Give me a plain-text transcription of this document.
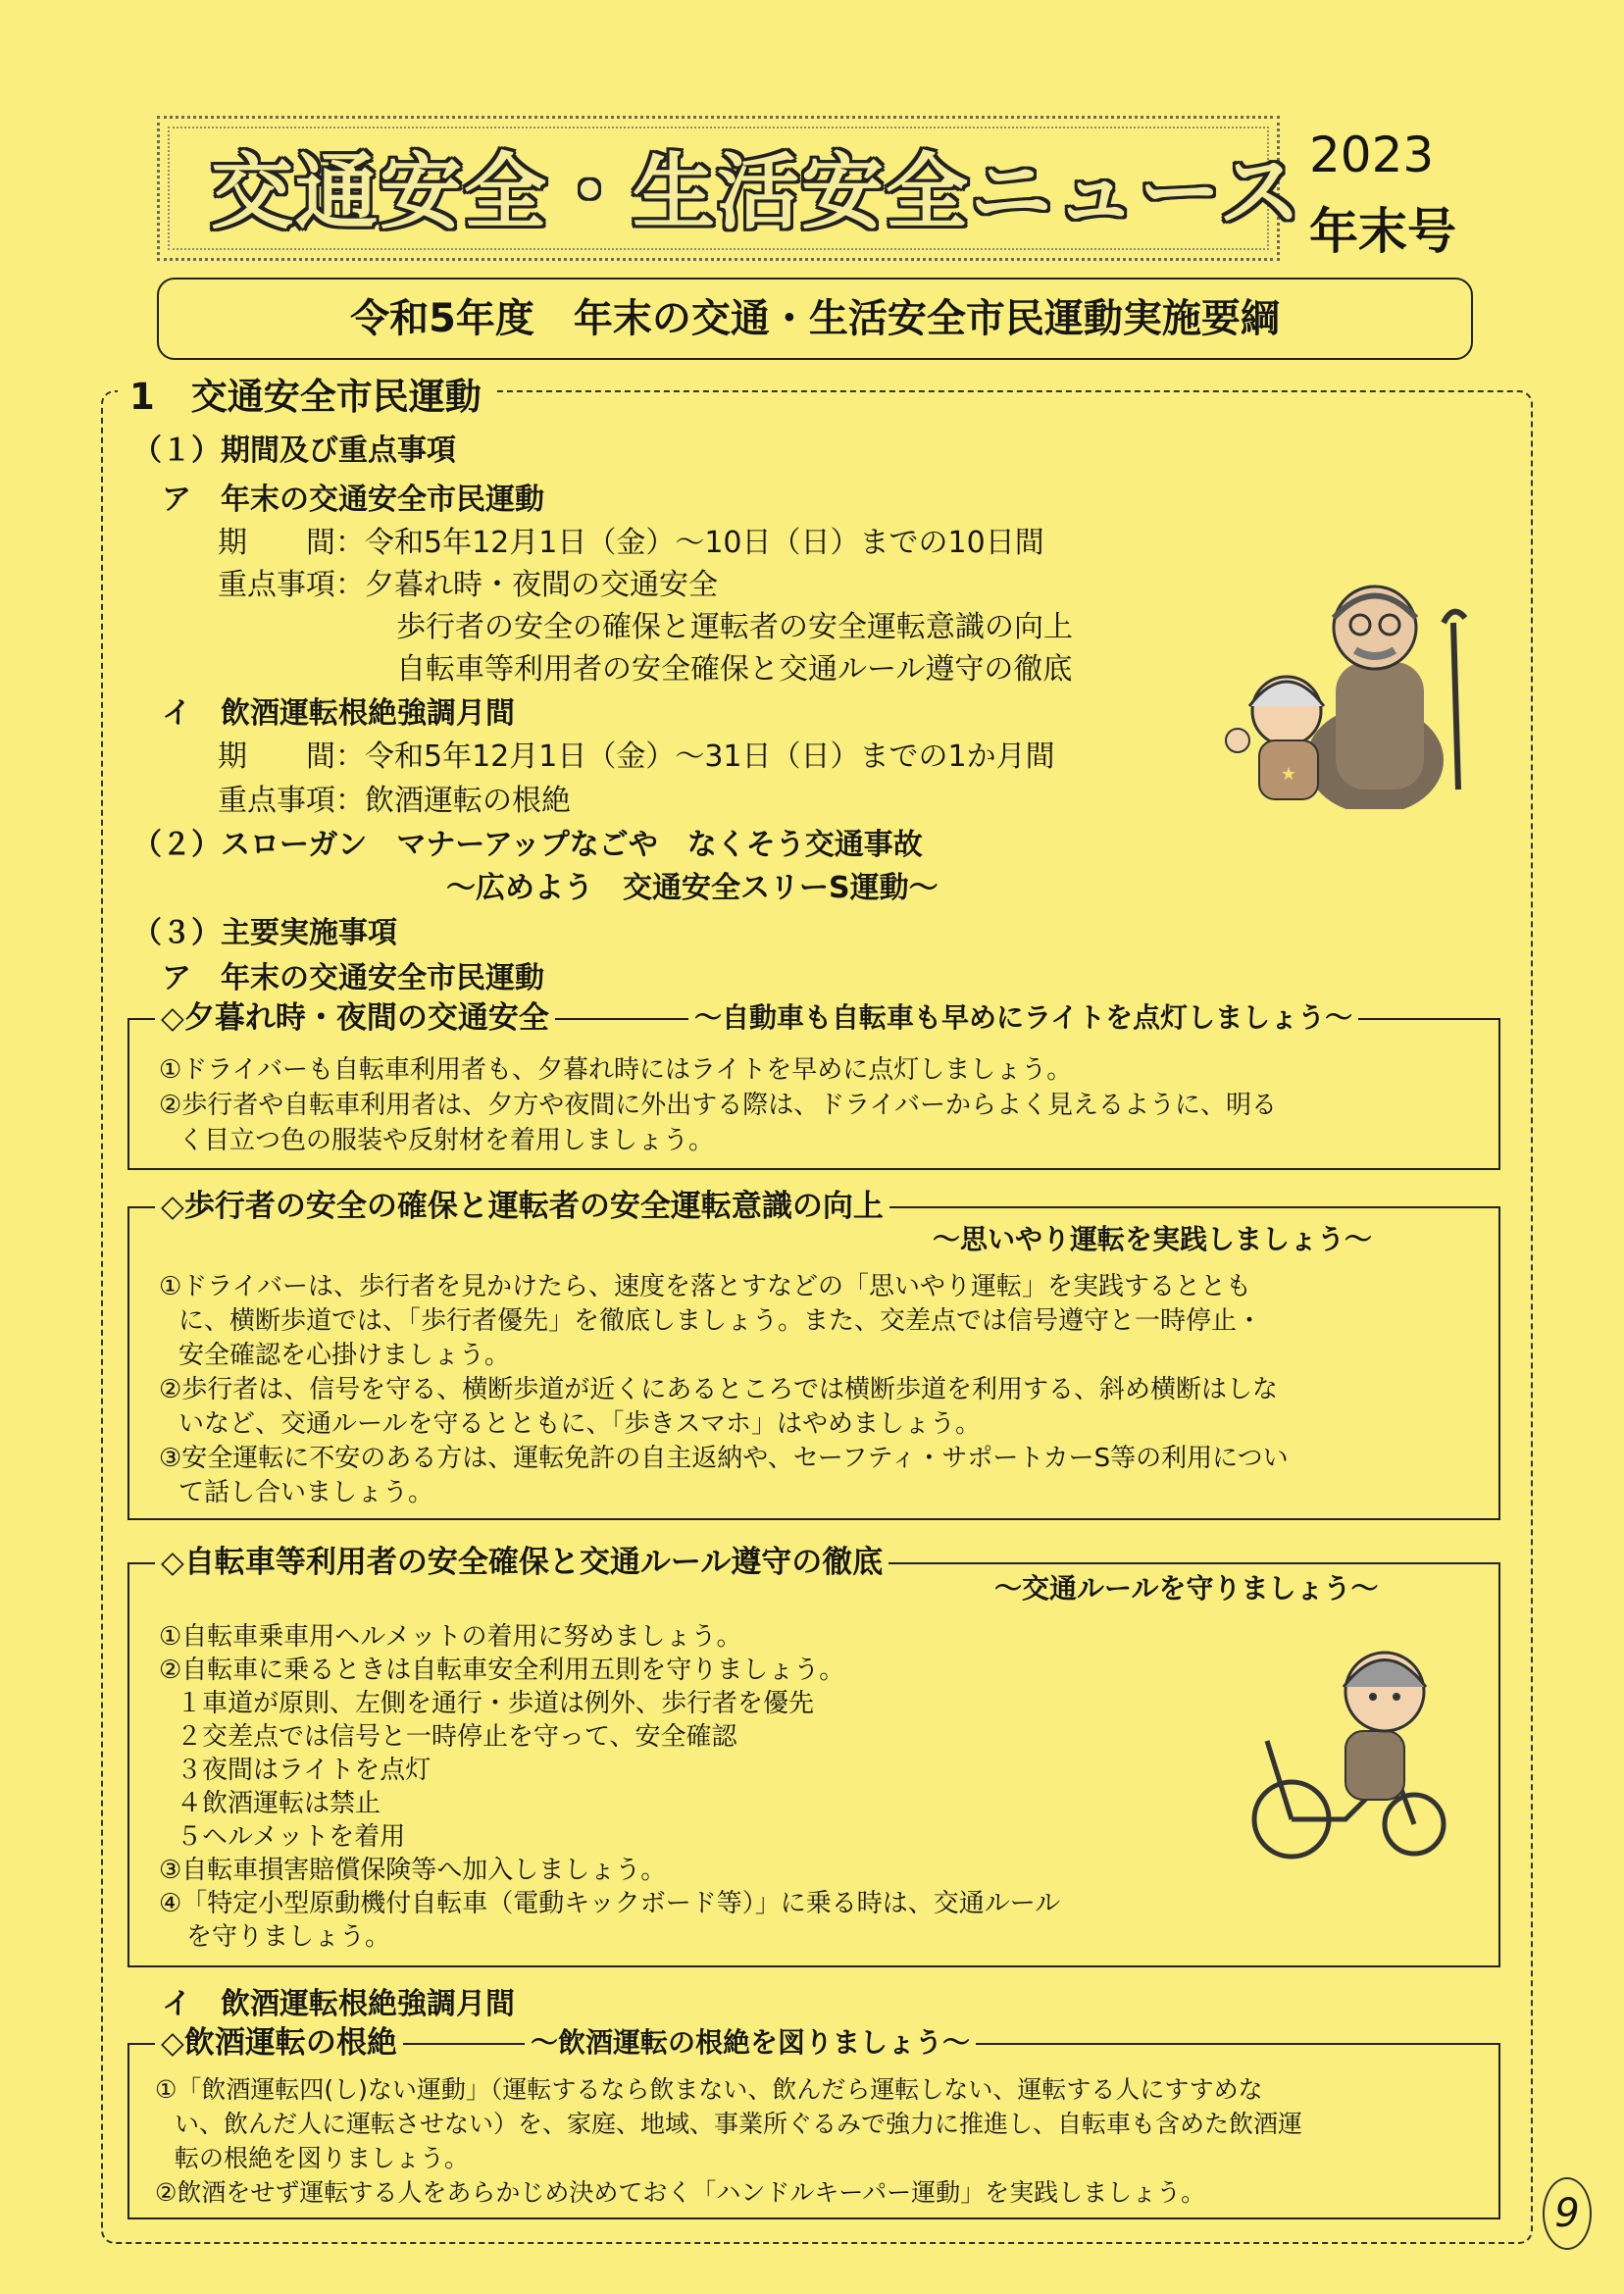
交通安全・生活安全ニュース 2023
年末号
令和5年度　年末の交通・生活安全市民運動実施要綱
1　交通安全市民運動
（１）期間及び重点事項
ア　年末の交通安全市民運動
期　　間：令和5年12月1日（金）～10日（日）までの10日間
重点事項：夕暮れ時・夜間の交通安全
歩行者の安全の確保と運転者の安全運転意識の向上
自転車等利用者の安全確保と交通ルール遵守の徹底
イ　飲酒運転根絶強調月間
期　　間：令和5年12月1日（金）～31日（日）までの1か月間
重点事項：飲酒運転の根絶
★
（２）スローガン　マナーアップなごや　なくそう交通事故
～広めよう　交通安全スリーS運動～
（３）主要実施事項
ア　年末の交通安全市民運動
◇夕暮れ時・夜間の交通安全	～自動車も自転車も早めにライトを点灯しましょう～
①ドライバーも自転車利用者も、夕暮れ時にはライトを早めに点灯しましょう。
②歩行者や自転車利用者は、夕方や夜間に外出する際は、ドライバーからよく見えるように、明る
く目立つ色の服装や反射材を着用しましょう。
◇歩行者の安全の確保と運転者の安全運転意識の向上
～思いやり運転を実践しましょう～
①ドライバーは、歩行者を見かけたら、速度を落とすなどの「思いやり運転」を実践するととも
に、横断歩道では、「歩行者優先」を徹底しましょう。また、交差点では信号遵守と一時停止・
安全確認を心掛けましょう。
②歩行者は、信号を守る、横断歩道が近くにあるところでは横断歩道を利用する、斜め横断はしな
いなど、交通ルールを守るとともに、「歩きスマホ」はやめましょう。
③安全運転に不安のある方は、運転免許の自主返納や、セーフティ・サポートカーS等の利用につい
て話し合いましょう。
◇自転車等利用者の安全確保と交通ルール遵守の徹底
～交通ルールを守りましょう～
①自転車乗車用ヘルメットの着用に努めましょう。
②自転車に乗るときは自転車安全利用五則を守りましょう。
１車道が原則、左側を通行・歩道は例外、歩行者を優先
２交差点では信号と一時停止を守って、安全確認
３夜間はライトを点灯
４飲酒運転は禁止
５ヘルメットを着用
③自転車損害賠償保険等へ加入しましょう。
④「特定小型原動機付自転車（電動キックボード等）」に乗る時は、交通ルール
を守りましょう。
イ　飲酒運転根絶強調月間
◇飲酒運転の根絶	～飲酒運転の根絶を図りましょう～
①「飲酒運転四(し)ない運動」（運転するなら飲まない、飲んだら運転しない、運転する人にすすめな
い、飲んだ人に運転させない）を、家庭、地域、事業所ぐるみで強力に推進し、自転車も含めた飲酒運
転の根絶を図りましょう。
②飲酒をせず運転する人をあらかじめ決めておく「ハンドルキーパー運動」を実践しましょう。	9
